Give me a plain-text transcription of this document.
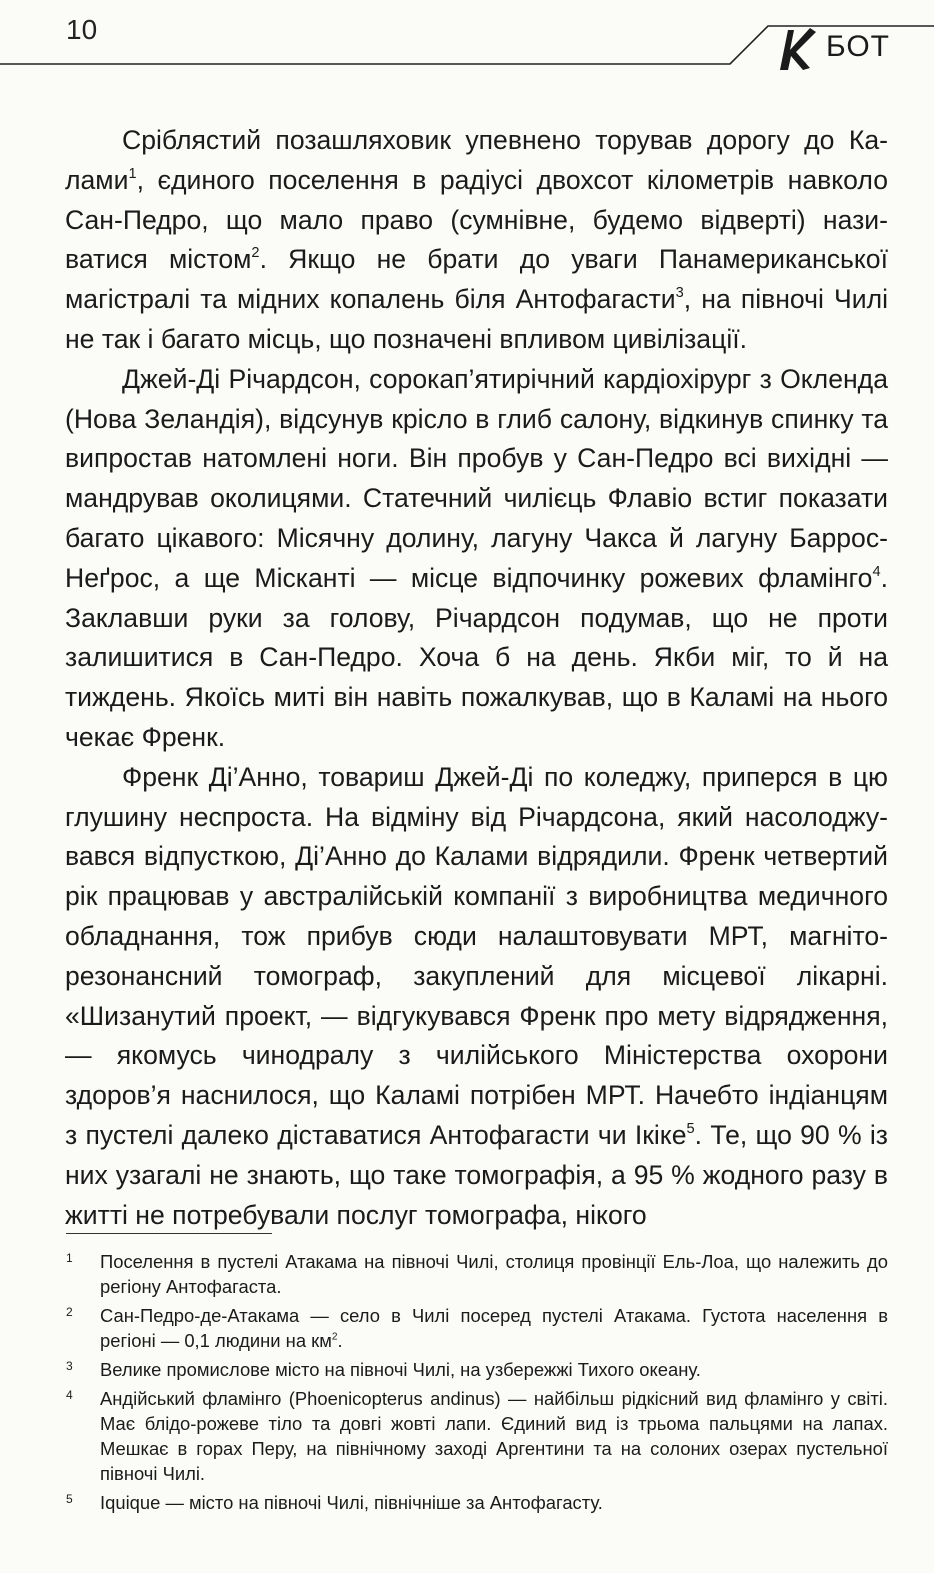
10
БОТ

Сріблястий позашляховик упевнено торував дорогу до Калами$^1$, єдиного поселення в радіусі двохсот кілометрів навколо Сан-Педро, що мало право (сумнівне, будемо відверті) називатися містом$^2$. Якщо не брати до уваги Панамериканської магістралі та мідних копалень біля Антофагасти$^3$, на півночі Чилі не так і багато місць, що позначені впливом цивілізації.

Джей-Ді Річардсон, сорокап’ятирічний кардіохірург з Окленда (Нова Зеландія), відсунув крісло в глиб салону, відкинув спинку та випростав натомлені ноги. Він пробув у Сан-Педро всі вихідні — мандрував околицями. Статечний чилієць Флавіо встиг показати багато цікавого: Місячну долину, лагуну Чакса й лагуну Баррос-Неґрос, а ще Місканті — місце відпочинку рожевих фламінго$^4$. Заклавши руки за голову, Річардсон подумав, що не проти залишитися в Сан-Педро. Хоча б на день. Якби міг, то й на тиждень. Якоїсь миті він навіть пожалкував, що в Каламі на нього чекає Френк.

Френк Ді’Анно, товариш Джей-Ді по коледжу, приперся в цю глушину неспроста. На відміну від Річардсона, який насолоджувався відпусткою, Ді’Анно до Калами відрядили. Френк четвертий рік працював у австралійській компанії з виробництва медичного обладнання, тож прибув сюди налаштовувати МРТ, магніто-резонансний томограф, закуплений для місцевої лікарні. «Шизанутий проект, — відгукувався Френк про мету відрядження, — якомусь чинодралу з чилійського Міністерства охорони здоров’я наснилося, що Каламі потрібен МРТ. Начебто індіанцям з пустелі далеко діставатися Антофагасти чи Ікіке$^5$. Те, що 90 % із них узагалі не знають, що таке томографія, а 95 % жодного разу в житті не потребували послуг томографа, нікого

1 Поселення в пустелі Атакама на півночі Чилі, столиця провінції Ель-Лоа, що належить до регіону Антофагаста.
2 Сан-Педро-де-Атакама — село в Чилі посеред пустелі Атакама. Густота населення в регіоні — 0,1 людини на $км^2$.
3 Велике промислове місто на півночі Чилі, на узбережжі Тихого океану.
4 Андійський фламінго (Phoenicopterus andinus) — найбільш рідкісний вид фламінго у світі. Має блідо-рожеве тіло та довгі жовті лапи. Єдиний вид із трьома пальцями на лапах. Мешкає в горах Перу, на північному заході Аргентини та на солоних озерах пустельної півночі Чилі.
5 Iquique — місто на півночі Чилі, північніше за Антофагасту.
